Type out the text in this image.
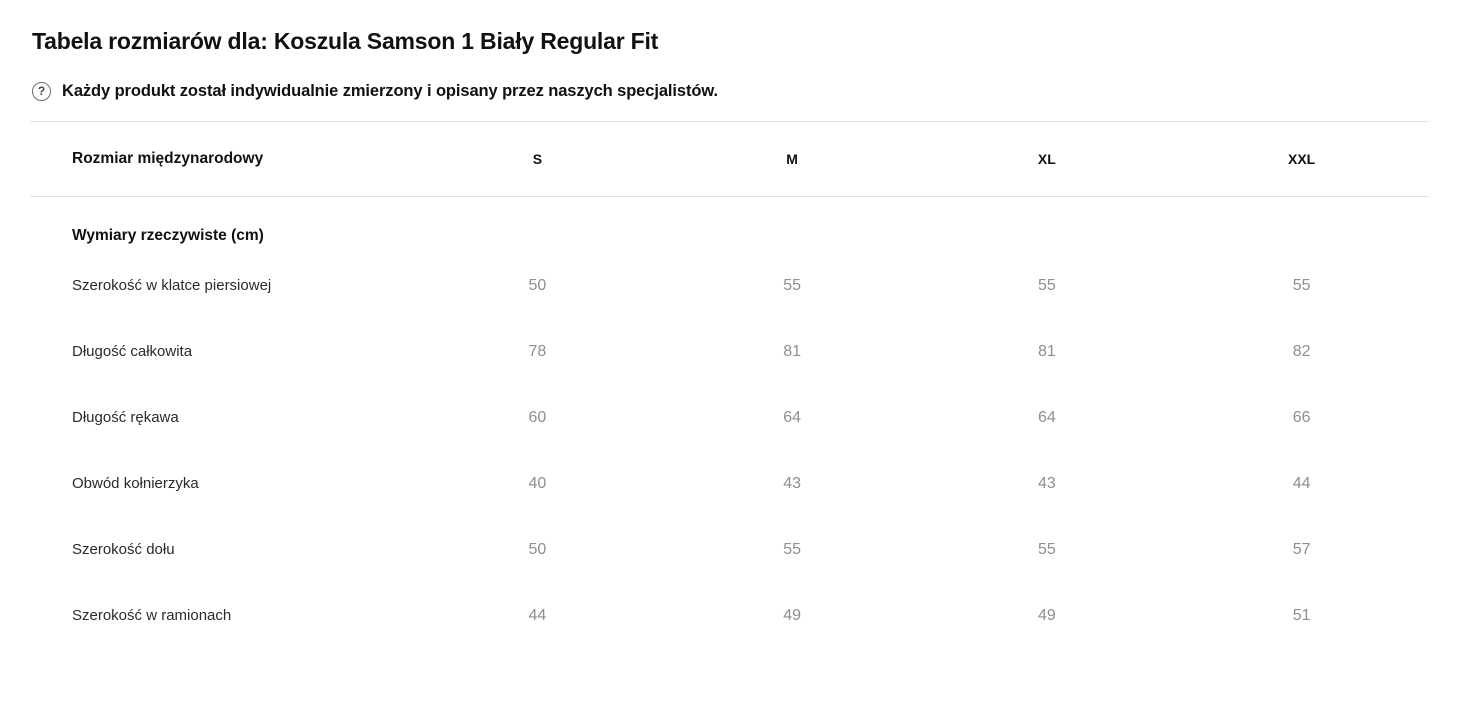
Tabela rozmiarów dla: Koszula Samson 1 Biały Regular Fit
?	Każdy produkt został indywidualnie zmierzony i opisany przez naszych specjalistów.
Rozmiar międzynarodowy	S	M	XL	XXL
Wymiary rzeczywiste (cm)				
Szerokość w klatce piersiowej	50	55	55	55
Długość całkowita	78	81	81	82
Długość rękawa	60	64	64	66
Obwód kołnierzyka	40	43	43	44
Szerokość dołu	50	55	55	57
Szerokość w ramionach	44	49	49	51
